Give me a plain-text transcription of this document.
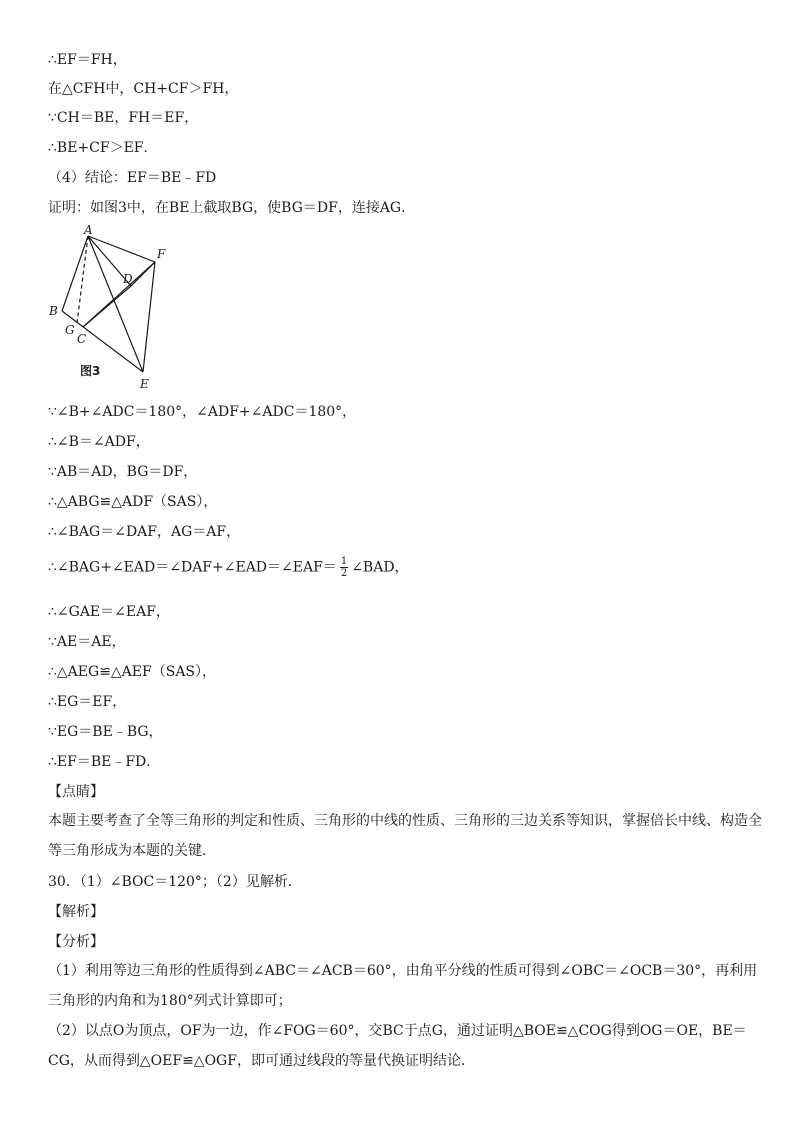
∴EF＝FH，
在△CFH中，CH+CF＞FH，
∵CH＝BE，FH＝EF，
∴BE+CF＞EF．
（4）结论：EF＝BE﹣FD
证明：如图3中，在BE上截取BG，使BG＝DF，连接AG．
A
F
D
B
G
C
E
图3
∵∠B+∠ADC＝180°，∠ADF+∠ADC＝180°，
∴∠B＝∠ADF，
∵AB＝AD，BG＝DF，
∴△ABG≌△ADF（SAS），
∴∠BAG＝∠DAF，AG＝AF，
∴∠BAG+∠EAD＝∠DAF+∠EAD＝∠EAF＝ $\frac{1}{2}$ ∠BAD，
∴∠GAE＝∠EAF，
∵AE＝AE，
∴△AEG≌△AEF（SAS），
∴EG＝EF，
∵EG＝BE﹣BG，
∴EF＝BE﹣FD．
【点睛】
本题主要考查了全等三角形的判定和性质、三角形的中线的性质、三角形的三边关系等知识，掌握倍长中线、构造全等三角形成为本题的关键．
30．（1）∠BOC＝120°；（2）见解析．
【解析】
【分析】
（1）利用等边三角形的性质得到∠ABC＝∠ACB＝60°，由角平分线的性质可得到∠OBC＝∠OCB＝30°，再利用三角形的内角和为180°列式计算即可；
（2）以点O为顶点，OF为一边，作∠FOG＝60°，交BC于点G，通过证明△BOE≌△COG得到OG＝OE，BE＝CG，从而得到△OEF≌△OGF，即可通过线段的等量代换证明结论．
